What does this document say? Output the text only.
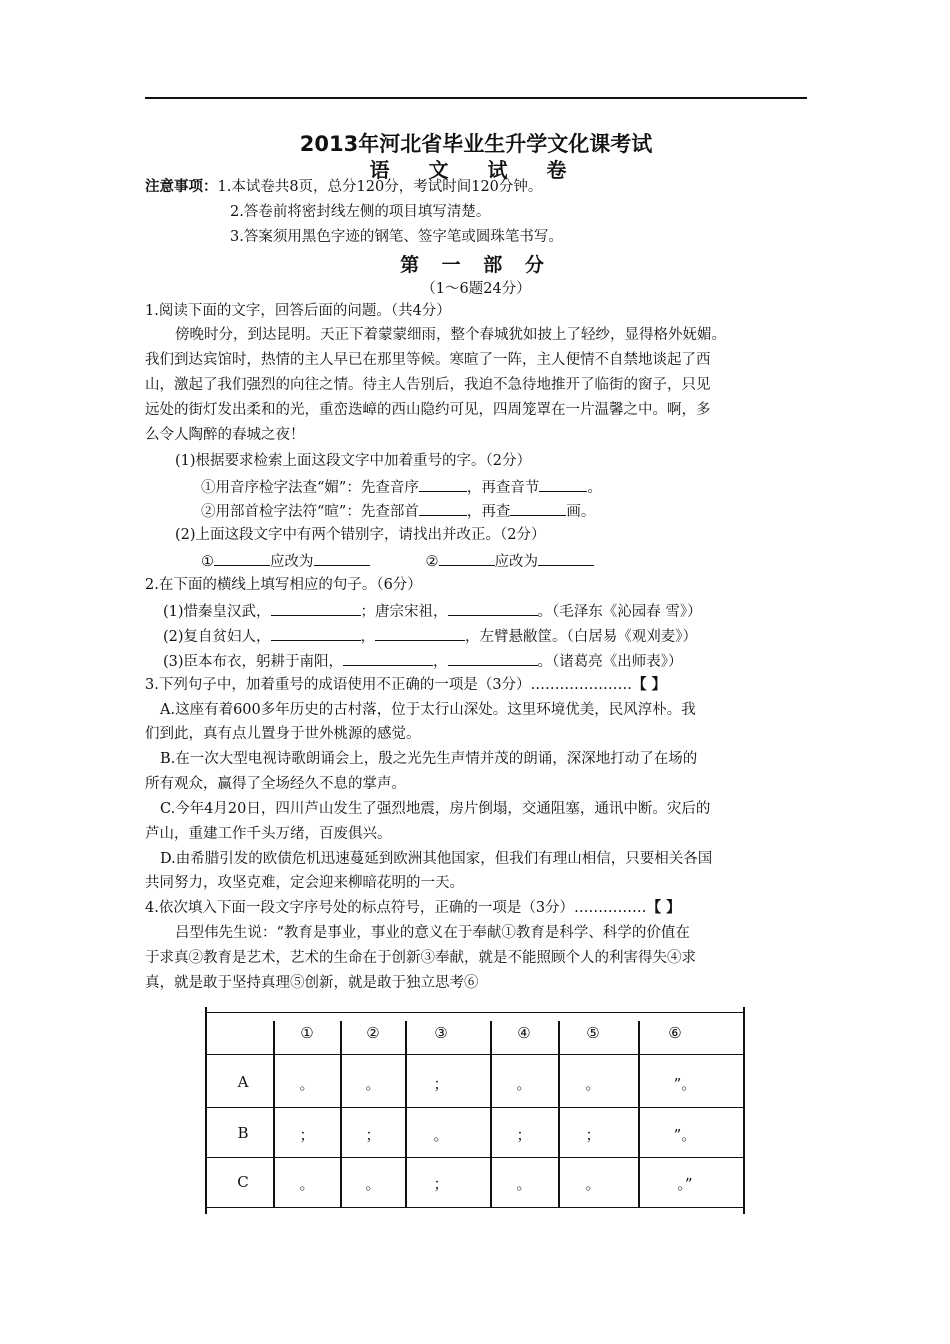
2013年河北省毕业生升学文化课考试
语 文 试 卷
注意事项：1.本试卷共8页，总分120分，考试时间120分钟。
2.答卷前将密封线左侧的项目填写清楚。
3.答案须用黑色字迹的钢笔、签字笔或圆珠笔书写。
第 一 部 分
（1～6题24分）
1.阅读下面的文字，回答后面的问题。（共4分）
傍晚时分，到达昆明。天正下着蒙蒙细雨，整个春城犹如披上了轻纱，显得格外妩媚。
我们到达宾馆时，热情的主人早已在那里等候。寒暄了一阵，主人便情不自禁地谈起了西
山，激起了我们强烈的向往之情。待主人告别后，我迫不急待地推开了临街的窗子，只见
远处的街灯发出柔和的光，重峦迭嶂的西山隐约可见，四周笼罩在一片温馨之中。啊，多
么令人陶醉的春城之夜！
(1)根据要求检索上面这段文字中加着重号的字。（2分）
①用音序检字法查“媚”：先查音序	，再查音节	。
②用部首检字法符“暄”：先查部首	，再查	画。
(2)上面这段文字中有两个错别字，请找出并改正。（2分）
①	应改为	②	应改为
2.在下面的横线上填写相应的句子。（6分）
(1)惜秦皇汉武，	；唐宗宋祖，	。（毛泽东《沁园春 雪》）
(2)复自贫妇人，	，	，左臂悬敝筐。（白居易《观刈麦》）
(3)臣本布衣，躬耕于南阳，	，	。（诸葛亮《出师表》）
3.下列句子中，加着重号的成语使用不正确的一项是（3分）…………………【 】
A.这座有着600多年历史的古村落，位于太行山深处。这里环境优美，民风淳朴。我
们到此，真有点儿置身于世外桃源的感觉。
B.在一次大型电视诗歌朗诵会上，殷之光先生声情并茂的朗诵，深深地打动了在场的
所有观众，赢得了全场经久不息的掌声。
C.今年4月20日，四川芦山发生了强烈地震，房片倒塌，交通阻塞，通讯中断。灾后的
芦山，重建工作千头万绪，百废俱兴。
D.由希腊引发的欧债危机迅速蔓延到欧洲其他国家，但我们有理山相信，只要相关各国
共同努力，攻坚克难，定会迎来柳暗花明的一天。
4.依次填入下面一段文字序号处的标点符号，正确的一项是（3分）……………【 】
吕型伟先生说：“教育是事业，事业的意义在于奉献①教育是科学、科学的价值在
于求真②教育是艺术，艺术的生命在于创新③奉献，就是不能照顾个人的利害得失④求
真，就是敢于坚持真理⑤创新，就是敢于独立思考⑥
①	②	③	④	⑤	⑥
A	。	。	；	。	。	”。
B	；	；	。	；	；	”。
C	。	。	；	。	。	。”
